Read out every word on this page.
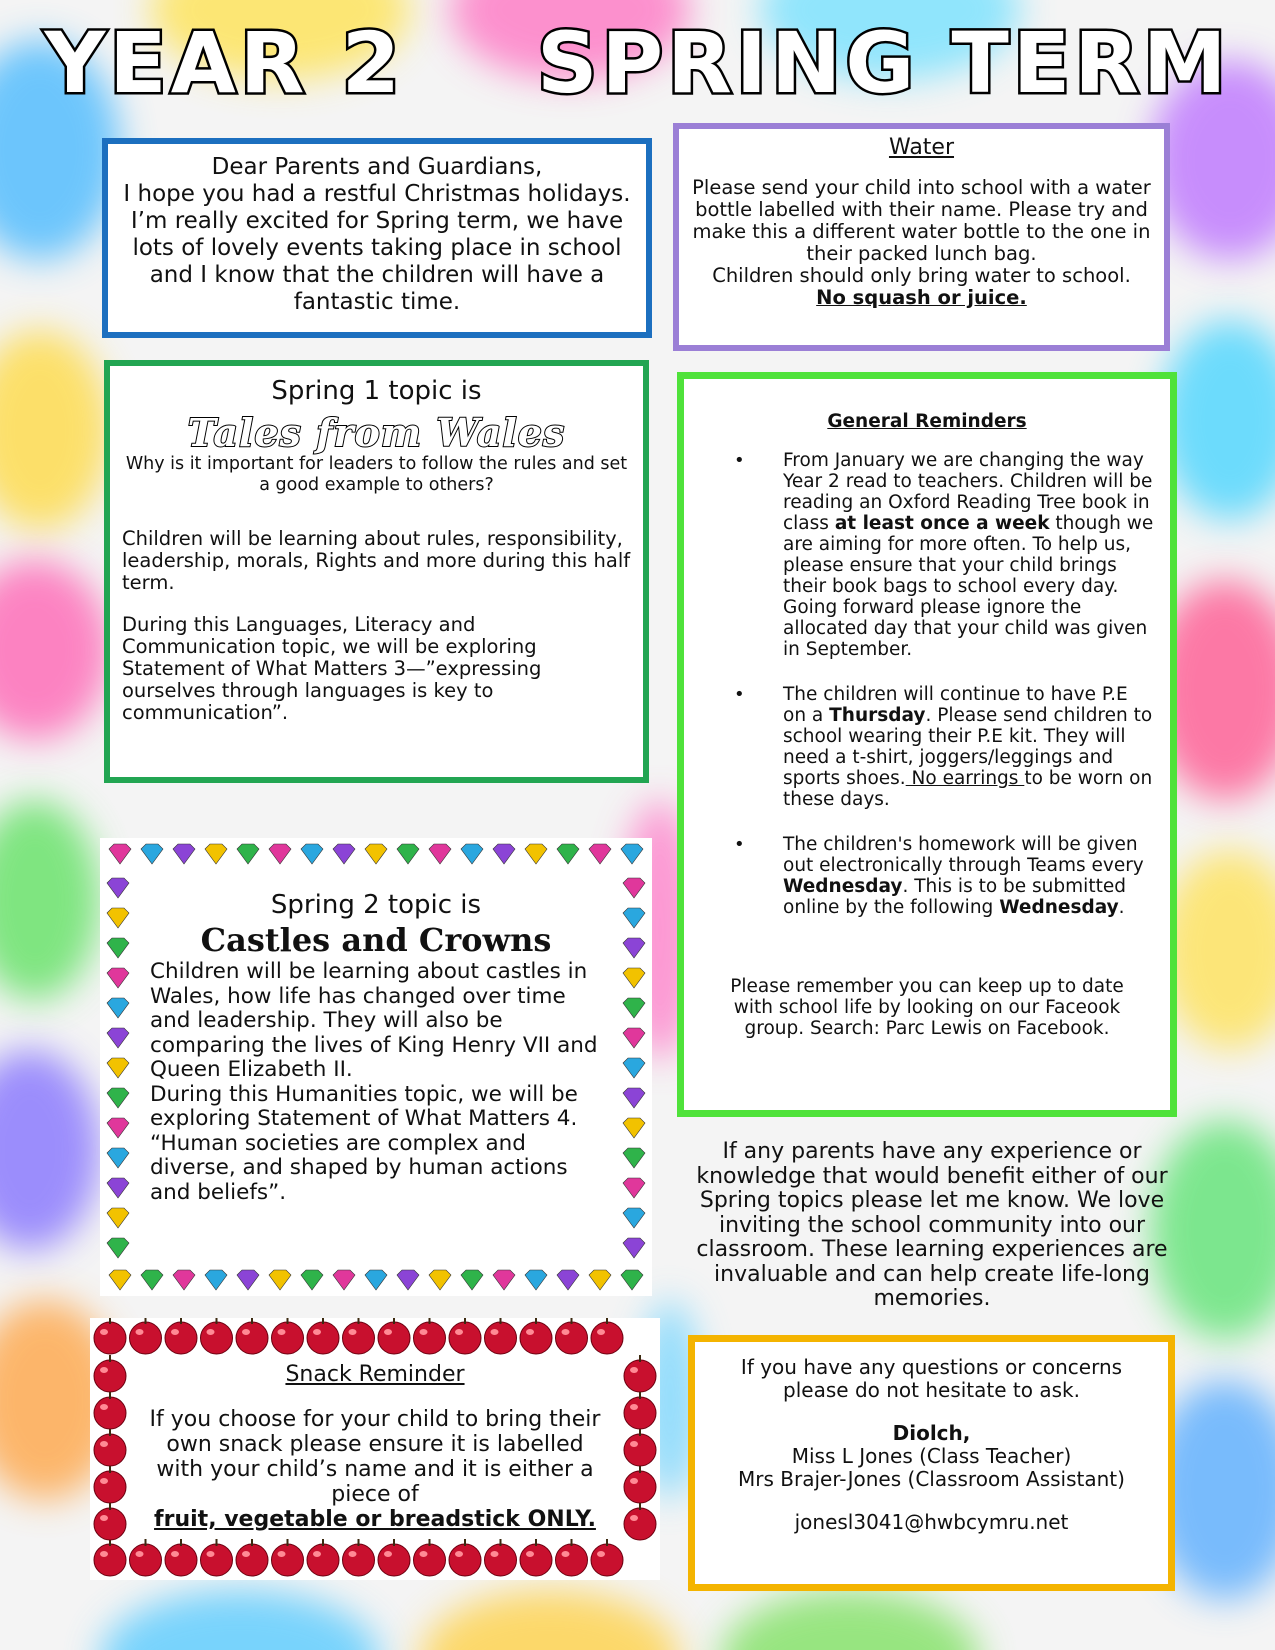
YEAR 2    SPRING TERM
Dear Parents and Guardians,
I hope you had a restful Christmas holidays. I’m really excited for Spring term, we have lots of lovely events taking place in school and I know that the children will have a fantastic time.
Water
Please send your child into school with a water bottle labelled with their name. Please try and make this a different water bottle to the one in their packed lunch bag.
Children should only bring water to school.
No squash or juice.
Spring 1 topic is
Tales from Wales
Why is it important for leaders to follow the rules and set a good example to others?

Children will be learning about rules, responsibility, leadership, morals, Rights and more during this half term.

During this Languages, Literacy and Communication topic, we will be exploring Statement of What Matters 3—”expressing ourselves through languages is key to communication”.

General Reminders
• From January we are changing the way Year 2 read to teachers. Children will be reading an Oxford Reading Tree book in class at least once a week though we are aiming for more often. To help us, please ensure that your child brings their book bags to school every day. Going forward please ignore the allocated day that your child was given in September.
• The children will continue to have P.E on a Thursday. Please send children to school wearing their P.E kit. They will need a t-shirt, joggers/leggings and sports shoes. No earrings to be worn on these days.
• The children's homework will be given out electronically through Teams every Wednesday. This is to be submitted online by the following Wednesday.
Please remember you can keep up to date with school life by looking on our Faceook group. Search: Parc Lewis on Facebook.
Spring 2 topic is
Castles and Crowns
Children will be learning about castles in Wales, how life has changed over time and leadership. They will also be comparing the lives of King Henry VII and Queen Elizabeth II.
During this Humanities topic, we will be exploring Statement of What Matters 4. “Human societies are complex and diverse, and shaped by human actions and beliefs”.
If any parents have any experience or knowledge that would benefit either of our Spring topics please let me know. We love inviting the school community into our classroom. These learning experiences are invaluable and can help create life-long memories.
Snack Reminder
If you choose for your child to bring their own snack please ensure it is labelled with your child’s name and it is either a piece of
fruit, vegetable or breadstick ONLY.
If you have any questions or concerns please do not hesitate to ask.
Diolch,
Miss L Jones (Class Teacher)
Mrs Brajer-Jones (Classroom Assistant)
jonesl3041@hwbcymru.net
